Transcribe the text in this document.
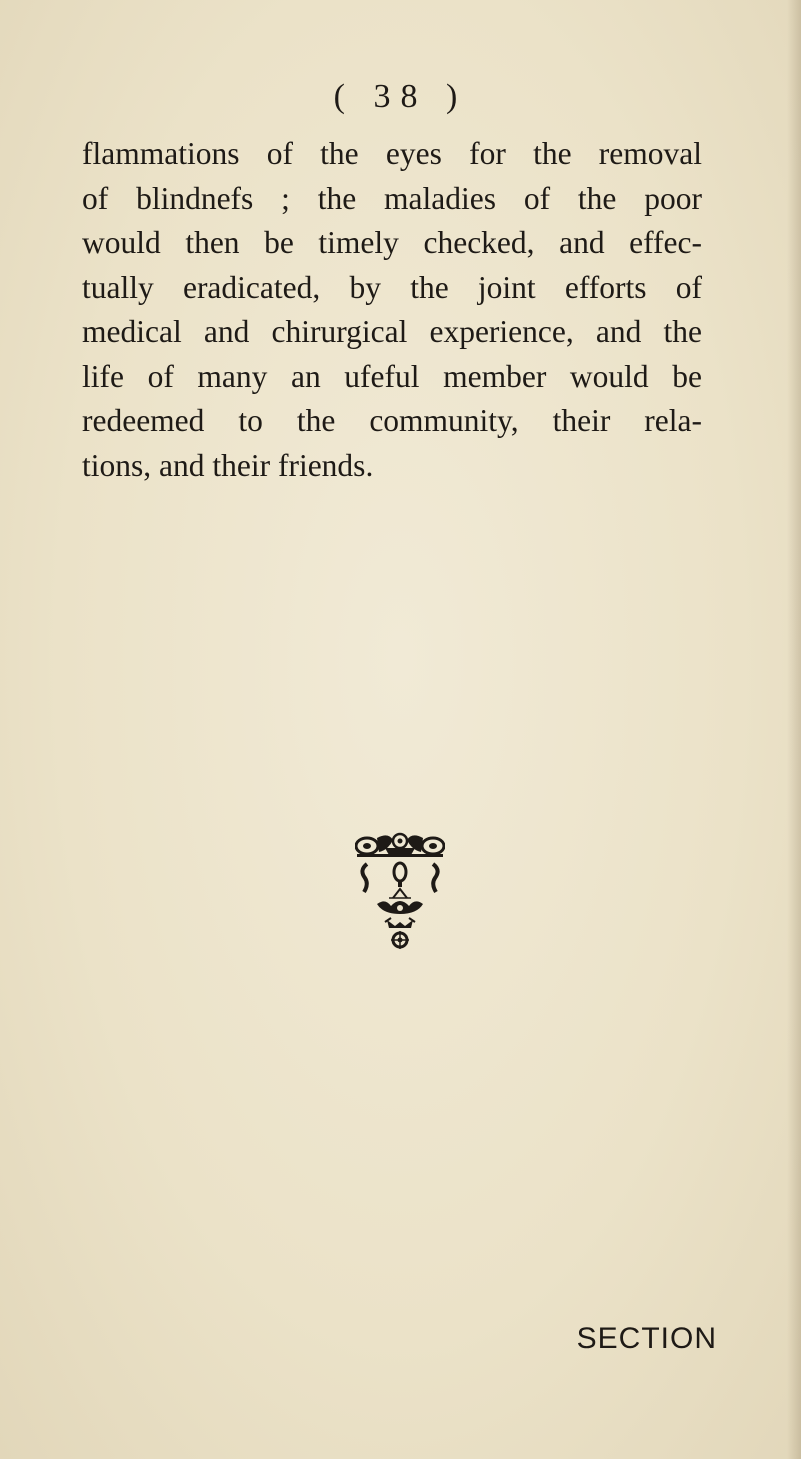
( 38 )
flammations of the eyes for the removal
of blindnefs ; the maladies of the poor
would then be timely checked, and effec-
tually eradicated, by the joint efforts of
medical and chirurgical experience, and the
life of many an ufeful member would be
redeemed to the community, their rela-
tions, and their friends.
SECTION
